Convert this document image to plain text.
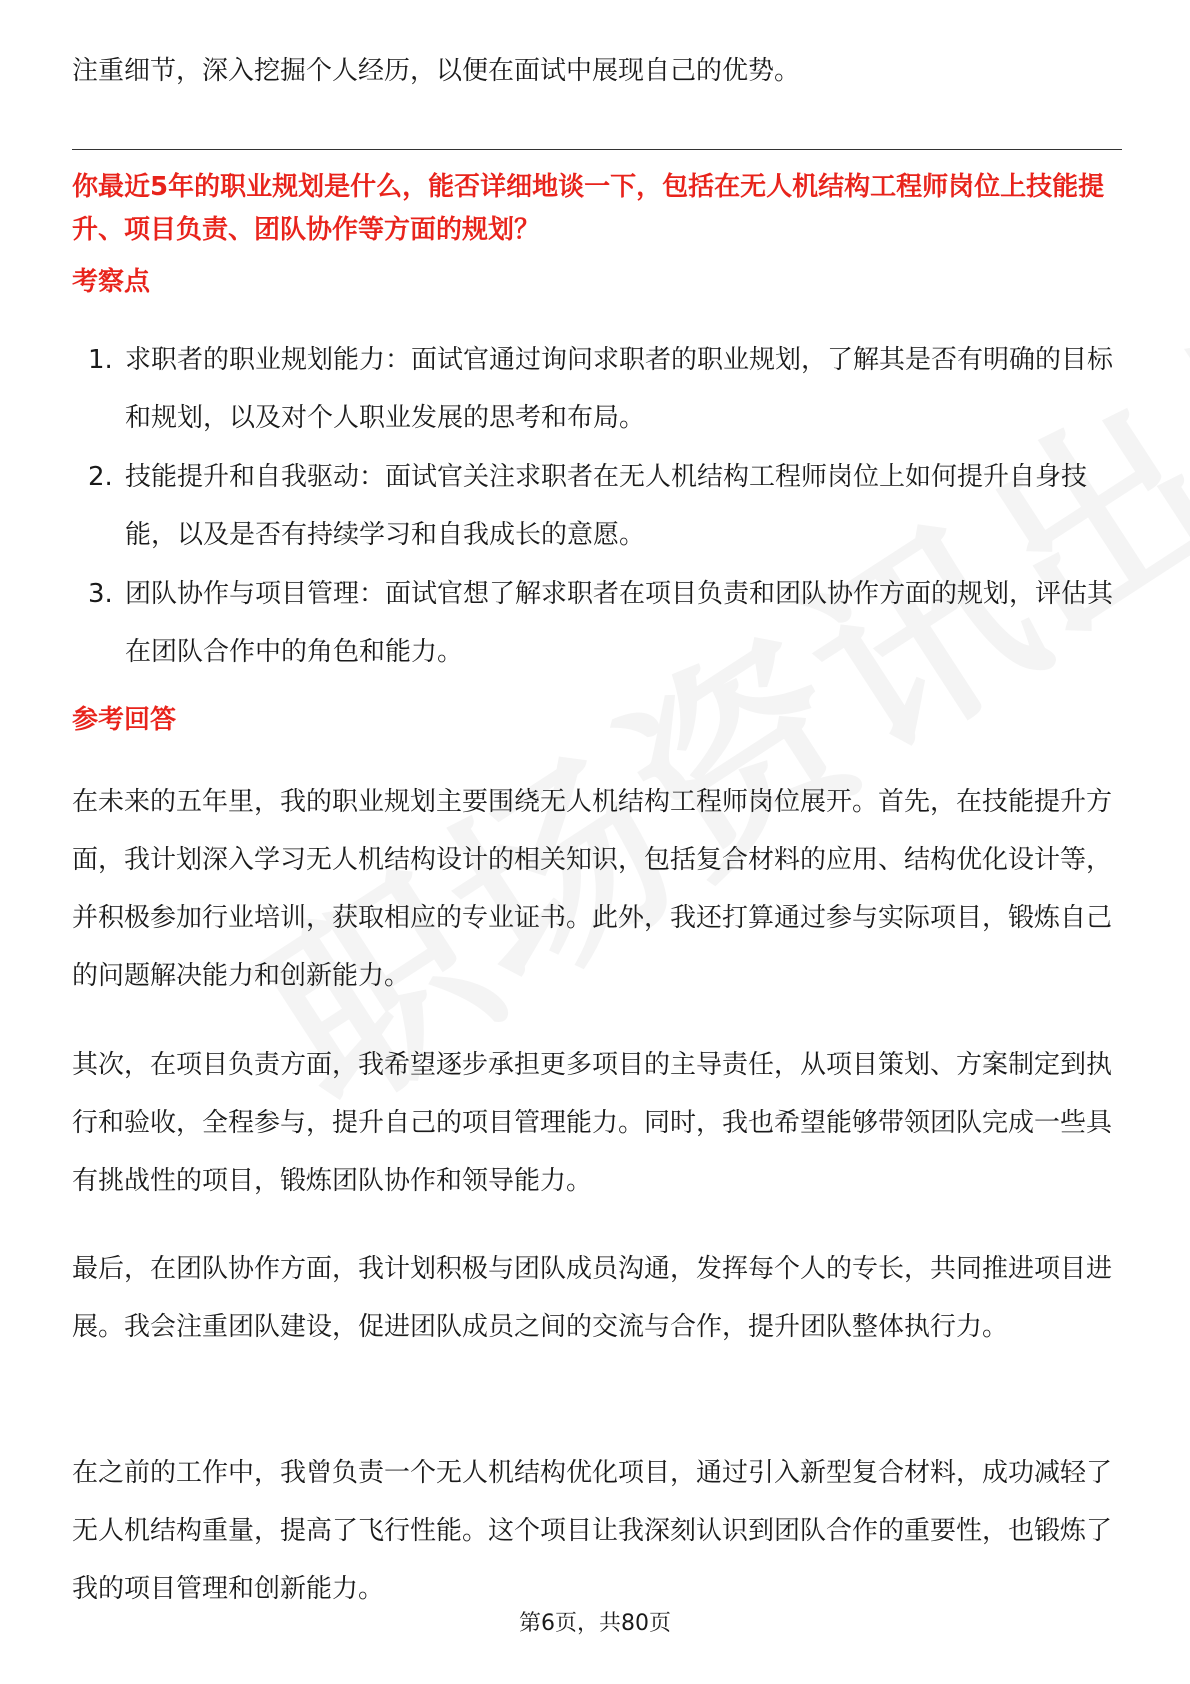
注重细节，深入挖掘个人经历，以便在面试中展现自己的优势。
你最近5年的职业规划是什么，能否详细地谈一下，包括在无人机结构工程师岗位上技能提升、项目负责、团队协作等方面的规划？
考察点
1. 求职者的职业规划能力：面试官通过询问求职者的职业规划，了解其是否有明确的目标和规划，以及对个人职业发展的思考和布局。
2. 技能提升和自我驱动：面试官关注求职者在无人机结构工程师岗位上如何提升自身技能，以及是否有持续学习和自我成长的意愿。
3. 团队协作与项目管理：面试官想了解求职者在项目负责和团队协作方面的规划，评估其在团队合作中的角色和能力。
参考回答
在未来的五年里，我的职业规划主要围绕无人机结构工程师岗位展开。首先，在技能提升方面，我计划深入学习无人机结构设计的相关知识，包括复合材料的应用、结构优化设计等，并积极参加行业培训，获取相应的专业证书。此外，我还打算通过参与实际项目，锻炼自己的问题解决能力和创新能力。
其次，在项目负责方面，我希望逐步承担更多项目的主导责任，从项目策划、方案制定到执行和验收，全程参与，提升自己的项目管理能力。同时，我也希望能够带领团队完成一些具有挑战性的项目，锻炼团队协作和领导能力。
最后，在团队协作方面，我计划积极与团队成员沟通，发挥每个人的专长，共同推进项目进展。我会注重团队建设，促进团队成员之间的交流与合作，提升团队整体执行力。
在之前的工作中，我曾负责一个无人机结构优化项目，通过引入新型复合材料，成功减轻了无人机结构重量，提高了飞行性能。这个项目让我深刻认识到团队合作的重要性，也锻炼了我的项目管理和创新能力。
第6页，共80页
